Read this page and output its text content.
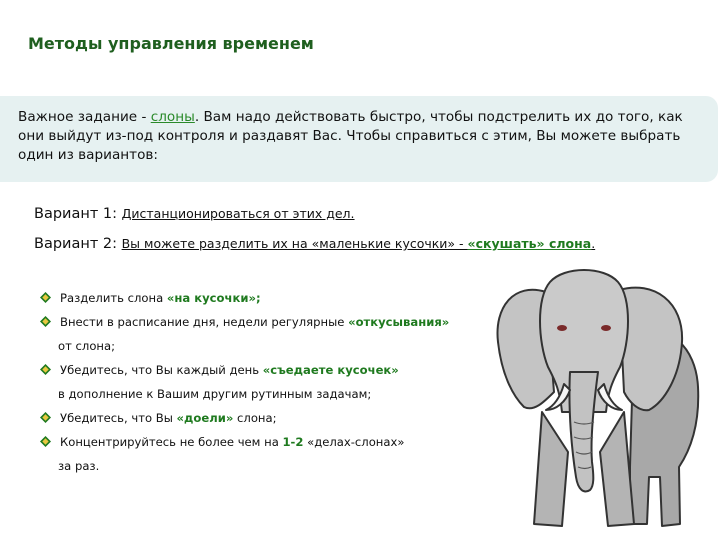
Методы управления временем
Важное задание - слоны. Вам надо действовать быстро, чтобы подстрелить их до того, как они выйдут из-под контроля и раздавят Вас. Чтобы справиться с этим, Вы можете выбрать один из вариантов:
Вариант 1: Дистанционироваться от этих дел.
Вариант 2: Вы можете разделить их на «маленькие кусочки» - «скушать» слона.
Разделить слона «на кусочки»;
Внести в расписание дня, недели регулярные «откусывания»
от слона;
Убедитесь, что Вы каждый день «съедаете кусочек»
в дополнение к Вашим другим рутинным задачам;
Убедитесь, что Вы «доели» слона;
Концентрируйтесь не более чем на 1-2 «делах-слонах»
за раз.
